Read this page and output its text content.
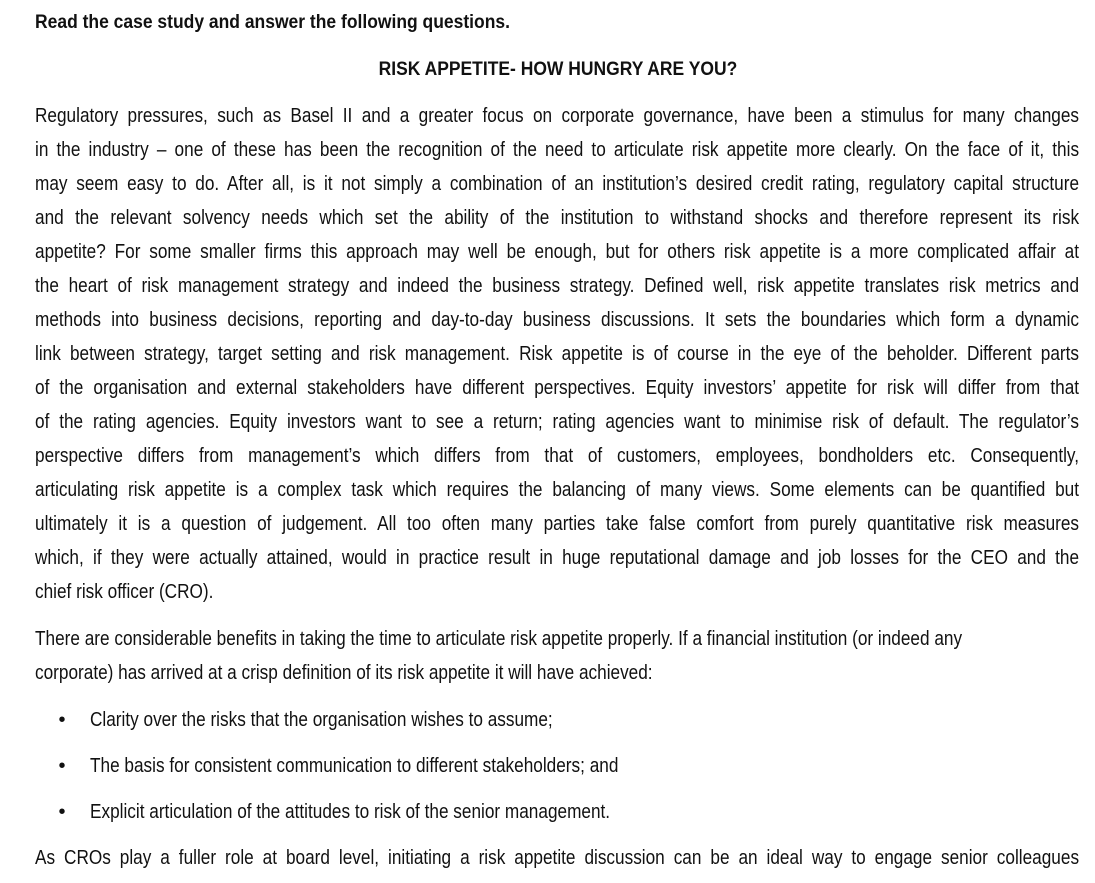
Read the case study and answer the following questions.

RISK APPETITE- HOW HUNGRY ARE YOU?

Regulatory pressures, such as Basel II and a greater focus on corporate governance, have been a stimulus for many changes
in the industry – one of these has been the recognition of the need to articulate risk appetite more clearly. On the face of it, this
may seem easy to do. After all, is it not simply a combination of an institution’s desired credit rating, regulatory capital structure
and the relevant solvency needs which set the ability of the institution to withstand shocks and therefore represent its risk
appetite? For some smaller firms this approach may well be enough, but for others risk appetite is a more complicated affair at
the heart of risk management strategy and indeed the business strategy. Defined well, risk appetite translates risk metrics and
methods into business decisions, reporting and day-to-day business discussions. It sets the boundaries which form a dynamic
link between strategy, target setting and risk management. Risk appetite is of course in the eye of the beholder. Different parts
of the organisation and external stakeholders have different perspectives. Equity investors’ appetite for risk will differ from that
of the rating agencies. Equity investors want to see a return; rating agencies want to minimise risk of default. The regulator’s
perspective differs from management’s which differs from that of customers, employees, bondholders etc. Consequently,
articulating risk appetite is a complex task which requires the balancing of many views. Some elements can be quantified but
ultimately it is a question of judgement. All too often many parties take false comfort from purely quantitative risk measures
which, if they were actually attained, would in practice result in huge reputational damage and job losses for the CEO and the
chief risk officer (CRO).

There are considerable benefits in taking the time to articulate risk appetite properly. If a financial institution (or indeed any
corporate) has arrived at a crisp definition of its risk appetite it will have achieved:

• Clarity over the risks that the organisation wishes to assume;
• The basis for consistent communication to different stakeholders; and
• Explicit articulation of the attitudes to risk of the senior management.

As CROs play a fuller role at board level, initiating a risk appetite discussion can be an ideal way to engage senior colleagues
